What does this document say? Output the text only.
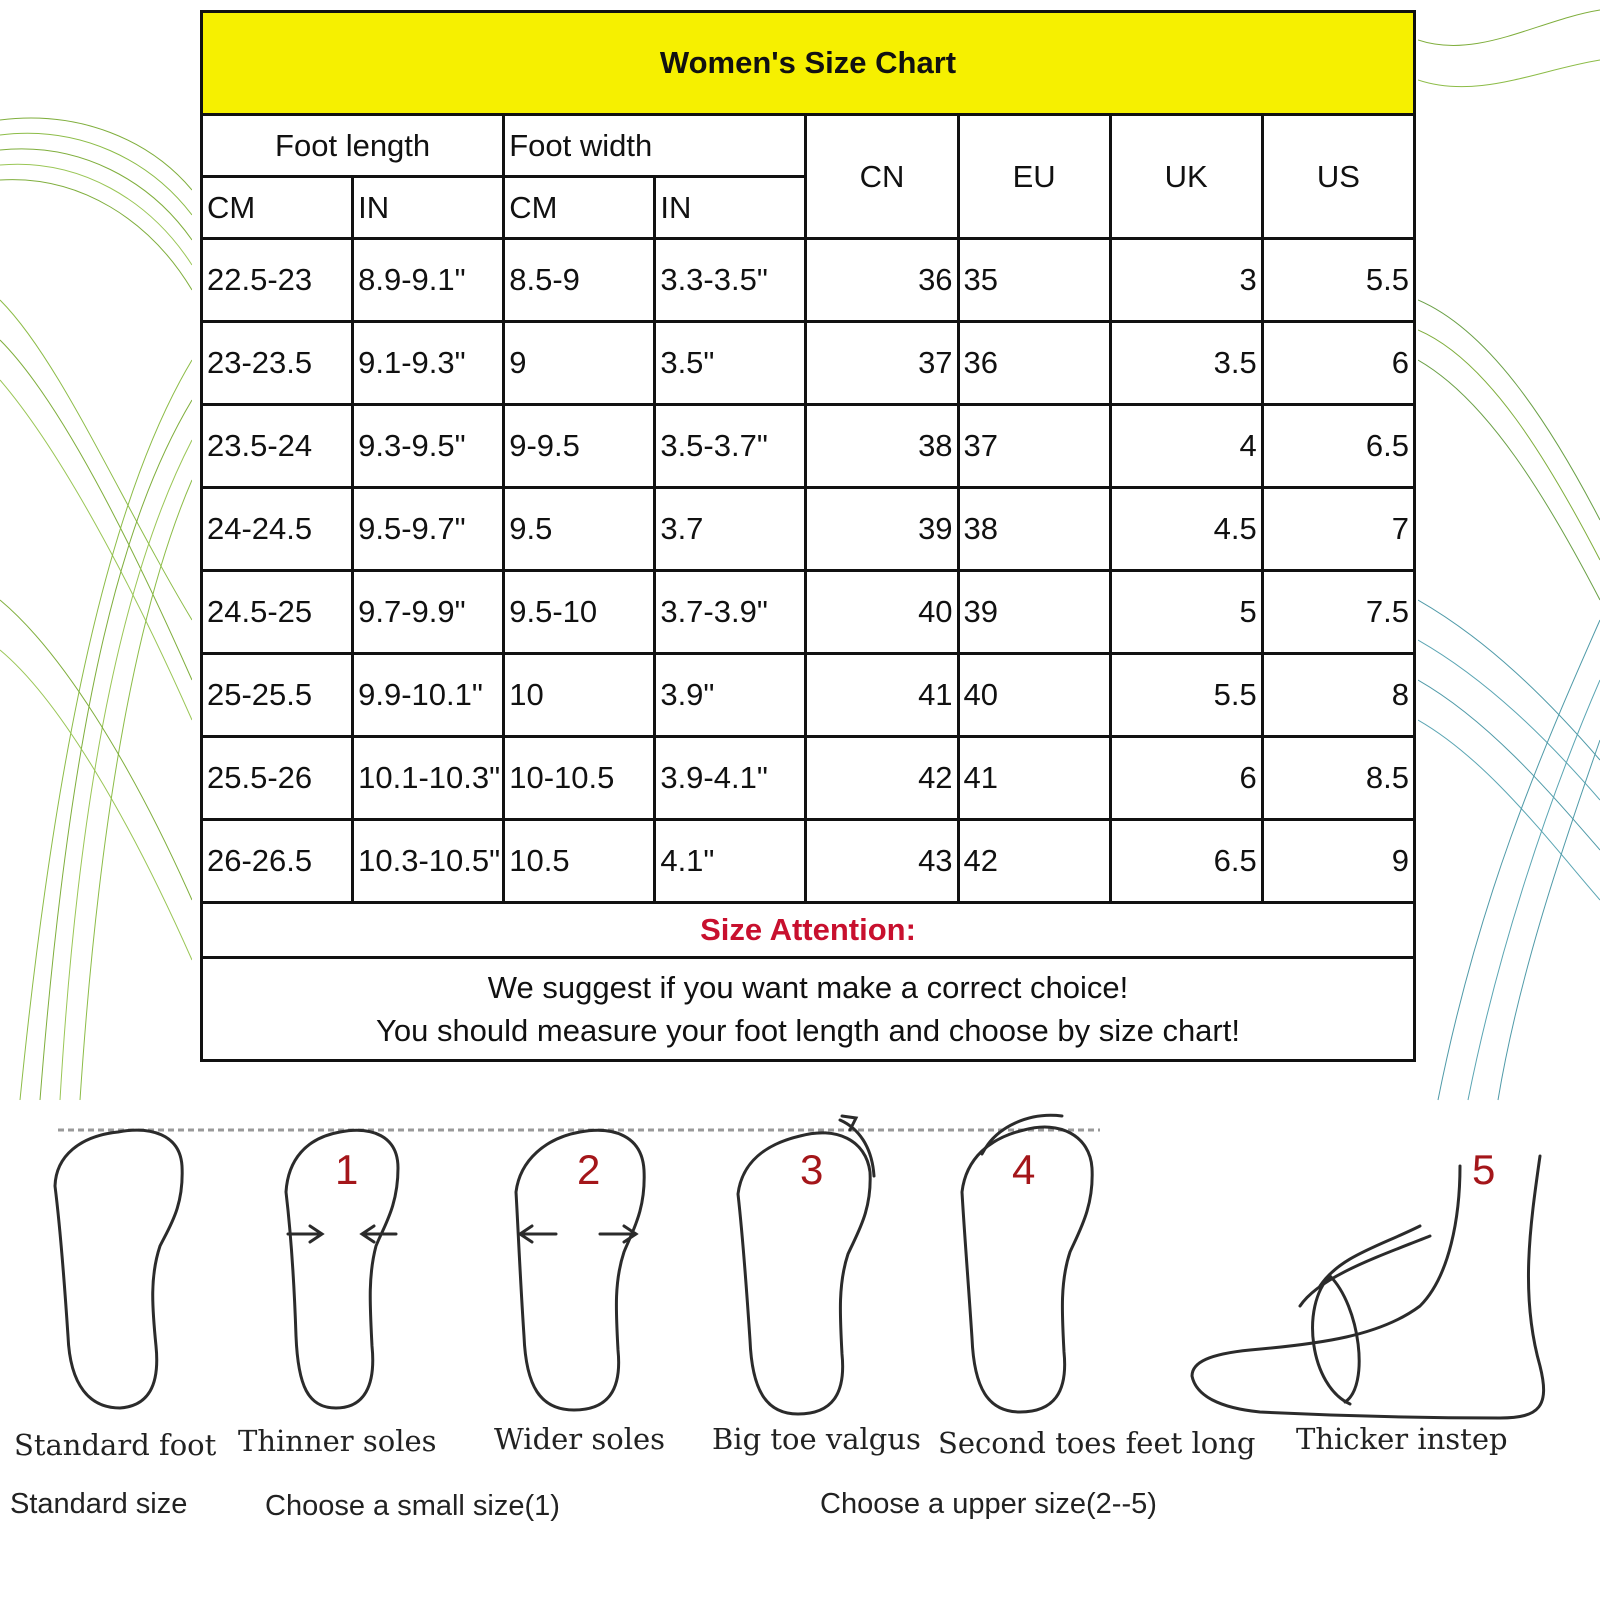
Women's Size Chart							
Foot length		Foot width		CN	EU	UK	US
CM	IN	CM	IN				
22.5-23	8.9-9.1"	8.5-9	3.3-3.5"	36	35	3	5.5
23-23.5	9.1-9.3"	9	3.5"	37	36	3.5	6
23.5-24	9.3-9.5"	9-9.5	3.5-3.7"	38	37	4	6.5
24-24.5	9.5-9.7"	9.5	3.7	39	38	4.5	7
24.5-25	9.7-9.9"	9.5-10	3.7-3.9"	40	39	5	7.5
25-25.5	9.9-10.1"	10	3.9"	41	40	5.5	8
25.5-26	10.1-10.3"	10-10.5	3.9-4.1"	42	41	6	8.5
26-26.5	10.3-10.5"	10.5	4.1"	43	42	6.5	9
Size Attention:							

We suggest if you want make a correct choice!
You should measure your foot length and choose by size chart!							
1	2	3	4	5
Standard foot Thinner soles Wider soles Big toe valgus Second toes feet long Thicker instep
Standard size	Choose a small size(1)	Choose a upper size(2--5)
